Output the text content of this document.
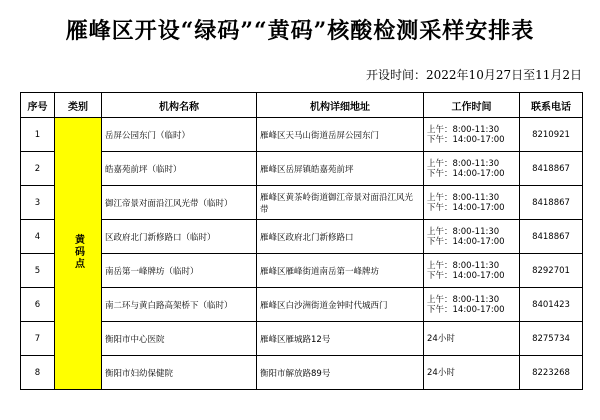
雁峰区开设“绿码”“黄码”核酸检测采样安排表
开设时间：2022年10月27日至11月2日
序号	类别	机构名称	机构详细地址	工作时间	联系电话
1	黄码点	岳屏公园东门（临时）	雁峰区天马山街道岳屏公园东门	上午：8:00-11:30
下午：14:00-17:00	8210921
2		皓嘉苑前坪（临时）	雁峰区岳屏镇皓嘉苑前坪	上午：8:00-11:30
下午：14:00-17:00	8418867
3		御江帝景对面沿江风光带（临时）	雁峰区黄茶岭街道御江帝景对面沿江风光带	上午：8:00-11:30
下午：14:00-17:00	8418867
4		区政府北门新修路口（临时）	雁峰区政府北门新修路口	上午：8:00-11:30
下午：14:00-17:00	8418867
5		南岳第一峰牌坊（临时）	雁峰区雁峰街道南岳第一峰牌坊	上午：8:00-11:30
下午：14:00-17:00	8292701
6		南二环与黄白路高架桥下（临时）	雁峰区白沙洲街道金钟时代城西门	上午：8:00-11:30
下午：14:00-17:00	8401423
7		衡阳市中心医院	雁峰区雁城路12号	24小时	8275734
8		衡阳市妇幼保健院	衡阳市解放路89号	24小时	8223268
